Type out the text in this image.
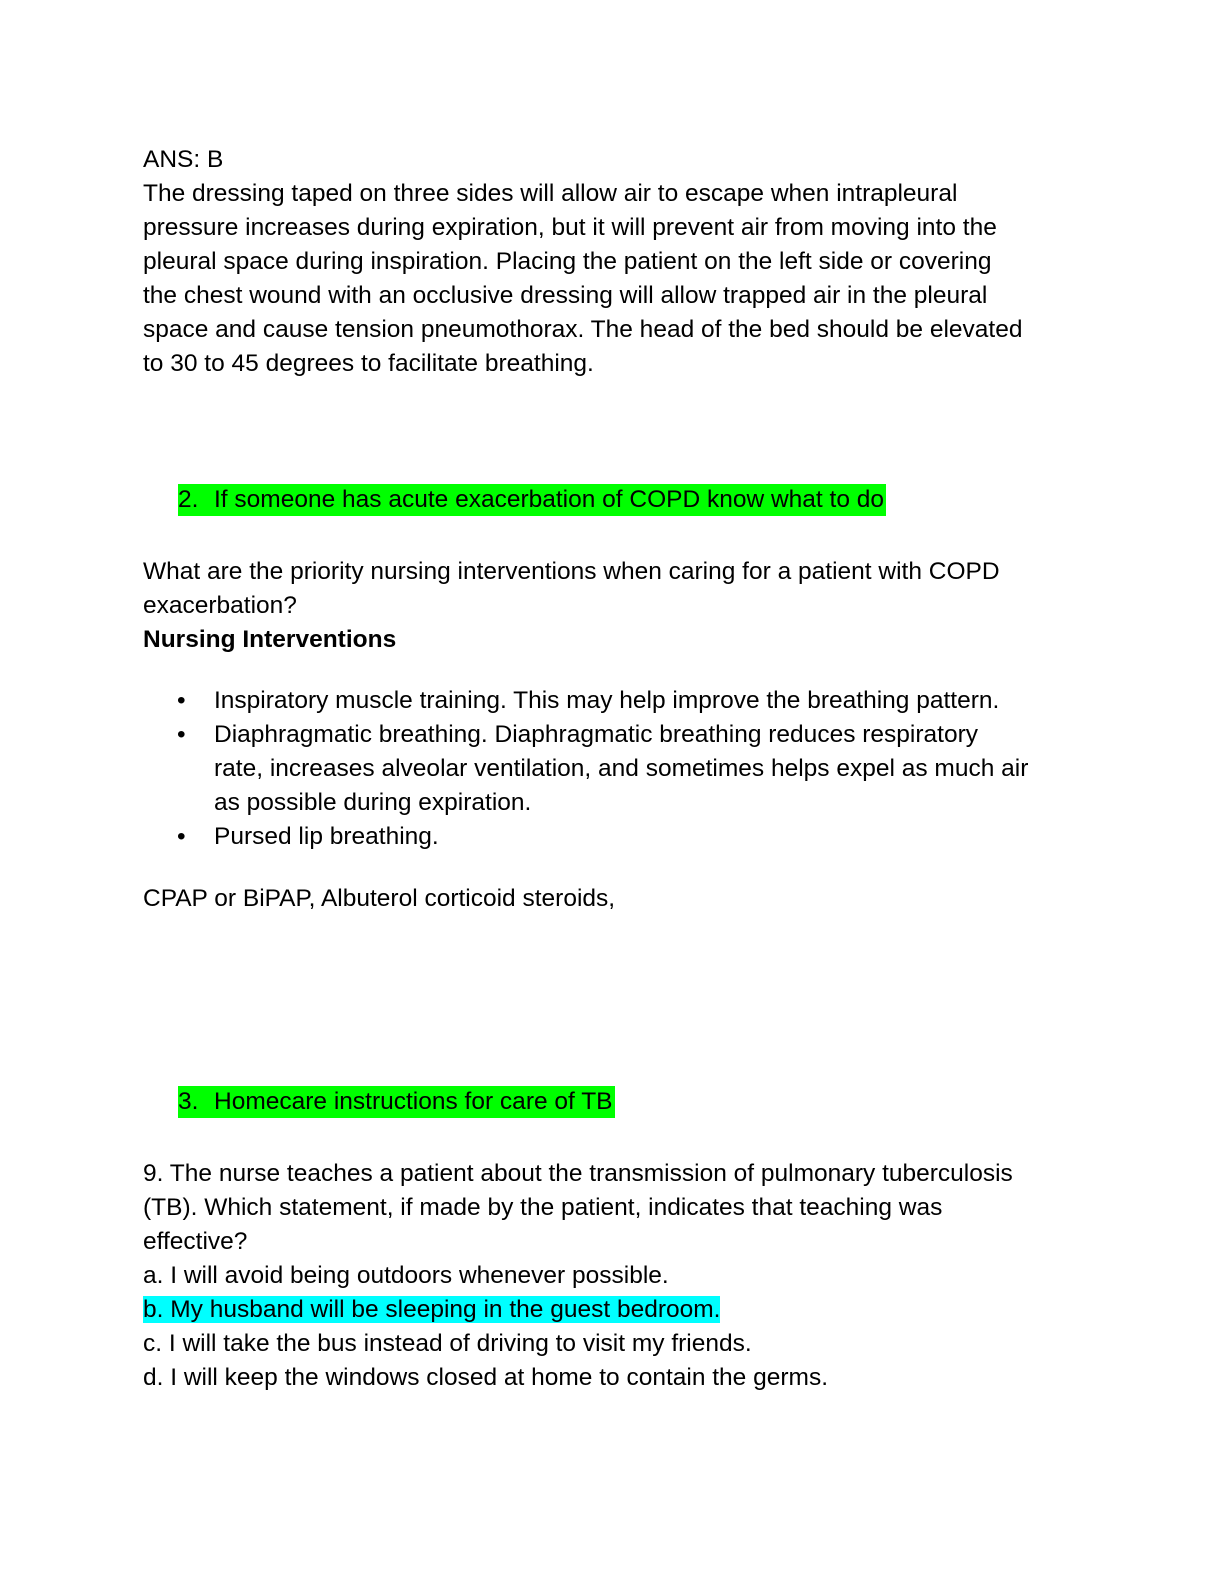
ANS: B
The dressing taped on three sides will allow air to escape when intrapleural
pressure increases during expiration, but it will prevent air from moving into the
pleural space during inspiration. Placing the patient on the left side or covering
the chest wound with an occlusive dressing will allow trapped air in the pleural
space and cause tension pneumothorax. The head of the bed should be elevated
to 30 to 45 degrees to facilitate breathing.
2. If someone has acute exacerbation of COPD know what to do
What are the priority nursing interventions when caring for a patient with COPD
exacerbation?
Nursing Interventions
• Inspiratory muscle training. This may help improve the breathing pattern.
• Diaphragmatic breathing. Diaphragmatic breathing reduces respiratory
rate, increases alveolar ventilation, and sometimes helps expel as much air
as possible during expiration.
• Pursed lip breathing.
CPAP or BiPAP, Albuterol corticoid steroids,
3. Homecare instructions for care of TB
9. The nurse teaches a patient about the transmission of pulmonary tuberculosis
(TB). Which statement, if made by the patient, indicates that teaching was
effective?
a. I will avoid being outdoors whenever possible.
b. My husband will be sleeping in the guest bedroom.
c. I will take the bus instead of driving to visit my friends.
d. I will keep the windows closed at home to contain the germs.
